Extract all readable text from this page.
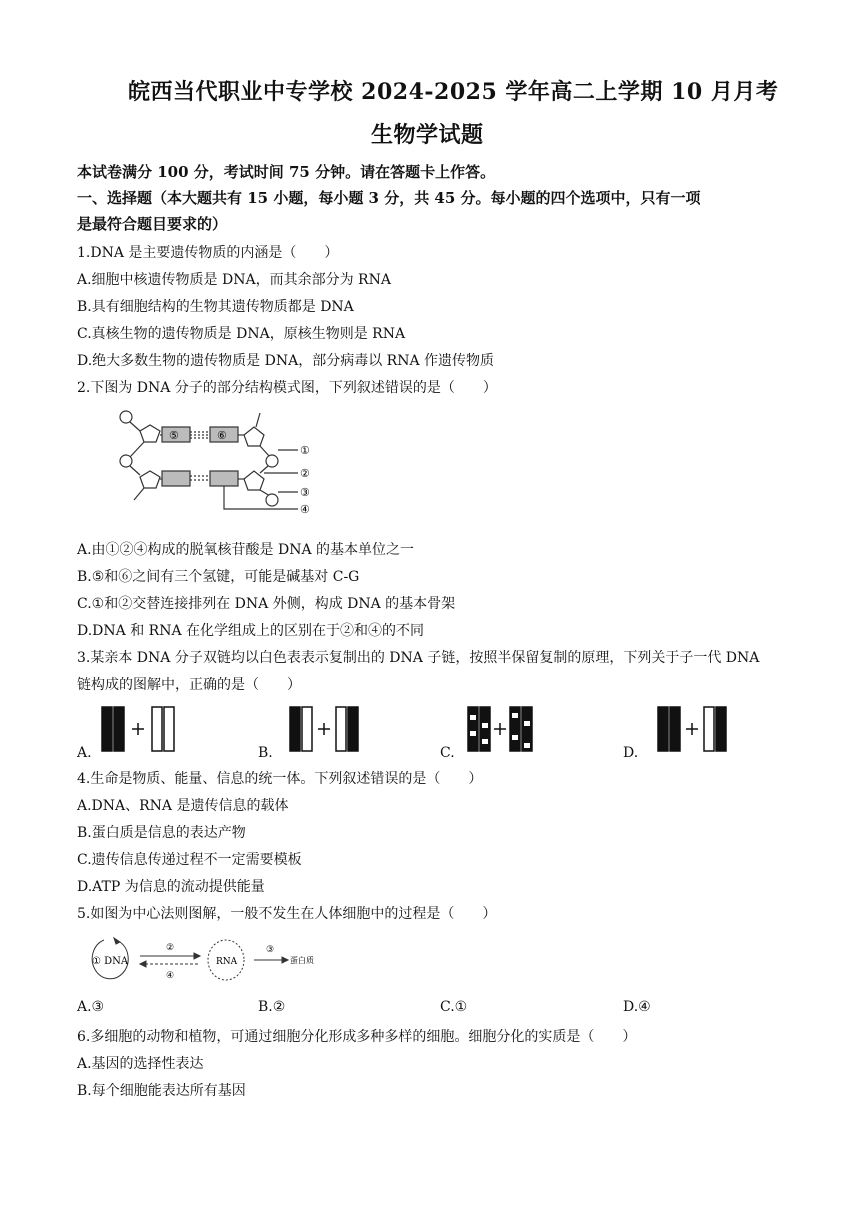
皖西当代职业中专学校 2024-2025 学年高二上学期 10 月月考
生物学试题
本试卷满分 100 分，考试时间 75 分钟。请在答题卡上作答。
一、选择题（本大题共有 15 小题，每小题 3 分，共 45 分。每小题的四个选项中，只有一项
是最符合题目要求的）
1.DNA 是主要遗传物质的内涵是（　　）
A.细胞中核遗传物质是 DNA，而其余部分为 RNA
B.具有细胞结构的生物其遗传物质都是 DNA
C.真核生物的遗传物质是 DNA，原核生物则是 RNA
D.绝大多数生物的遗传物质是 DNA，部分病毒以 RNA 作遗传物质
2.下图为 DNA 分子的部分结构模式图，下列叙述错误的是（　　）
⑤	⑥
①
②
③
④
A.由①②④构成的脱氧核苷酸是 DNA 的基本单位之一
B.⑤和⑥之间有三个氢键，可能是碱基对 C-G
C.①和②交替连接排列在 DNA 外侧，构成 DNA 的基本骨架
D.DNA 和 RNA 在化学组成上的区别在于②和④的不同
3.某亲本 DNA 分子双链均以白色表表示复制出的 DNA 子链，按照半保留复制的原理，下列关于子一代 DNA
链构成的图解中，正确的是（　　）
A.	B.	C.	D.
4.生命是物质、能量、信息的统一体。下列叙述错误的是（　　）
A.DNA、RNA 是遗传信息的载体
B.蛋白质是信息的表达产物
C.遗传信息传递过程不一定需要模板
D.ATP 为信息的流动提供能量
5.如图为中心法则图解，一般不发生在人体细胞中的过程是（　　）
① DNA
②
④
RNA
③
蛋白质
A.③	B.②	C.①	D.④
6.多细胞的动物和植物，可通过细胞分化形成多种多样的细胞。细胞分化的实质是（　　）
A.基因的选择性表达
B.每个细胞能表达所有基因
